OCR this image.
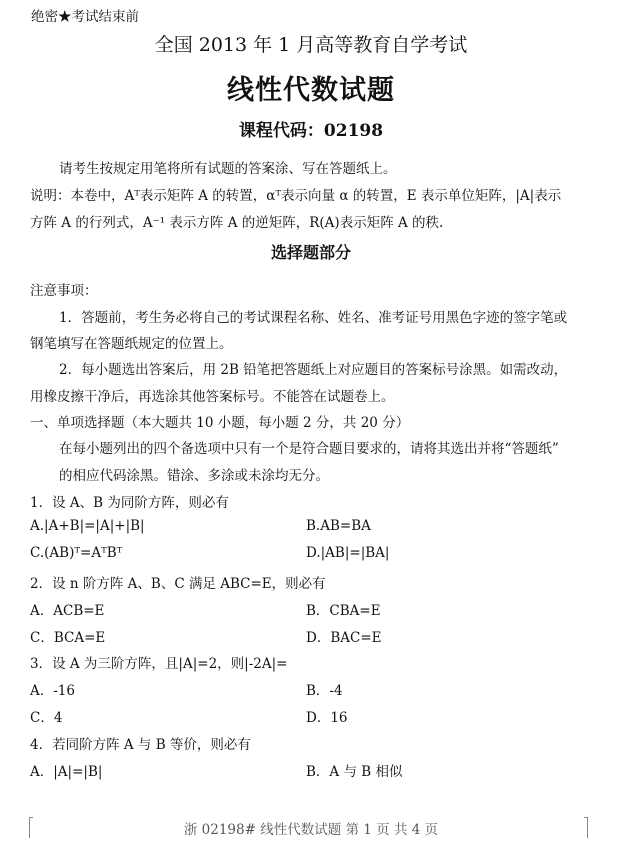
绝密★考试结束前
全国 2013 年 1 月高等教育自学考试
线性代数试题
课程代码：02198
请考生按规定用笔将所有试题的答案涂、写在答题纸上。
说明：本卷中，Aᵀ表示矩阵 A 的转置，αᵀ表示向量 α 的转置，E 表示单位矩阵，|A|表示
方阵 A 的行列式，A⁻¹ 表示方阵 A 的逆矩阵，R(A)表示矩阵 A 的秩.
选择题部分
注意事项：
1．答题前，考生务必将自己的考试课程名称、姓名、准考证号用黑色字迹的签字笔或
钢笔填写在答题纸规定的位置上。
2．每小题选出答案后，用 2B 铅笔把答题纸上对应题目的答案标号涂黑。如需改动，
用橡皮擦干净后，再选涂其他答案标号。不能答在试题卷上。
一、单项选择题（本大题共 10 小题，每小题 2 分，共 20 分）
在每小题列出的四个备选项中只有一个是符合题目要求的，请将其选出并将“答题纸”
的相应代码涂黑。错涂、多涂或未涂均无分。
1．设 A、B 为同阶方阵，则必有
A.|A+B|=|A|+|B|	B.AB=BA
C.(AB)ᵀ=AᵀBᵀ	D.|AB|=|BA|
2．设 n 阶方阵 A、B、C 满足 ABC=E，则必有
A．ACB=E	B．CBA=E
C．BCA=E	D．BAC=E
3．设 A 为三阶方阵，且|A|=2，则|-2A|=
A．-16	B．-4
C．4	D．16
4．若同阶方阵 A 与 B 等价，则必有
A．|A|=|B|	B．A 与 B 相似
浙 02198# 线性代数试题 第 1 页 共 4 页
